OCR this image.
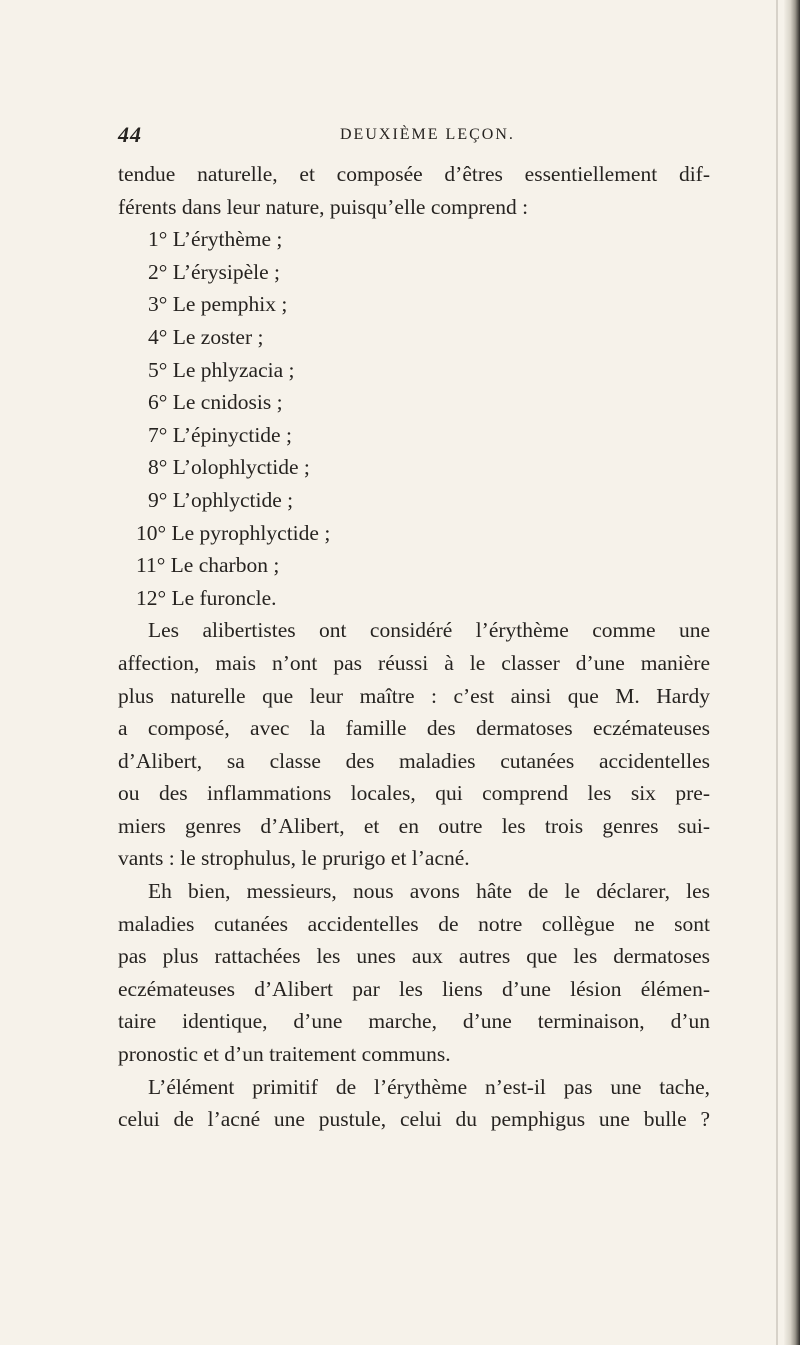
44	DEUXIÈME LEÇON.
tendue naturelle, et composée d’êtres essentiellement dif-
férents dans leur nature, puisqu’elle comprend :
1° L’érythème ;
2° L’érysipèle ;
3° Le pemphix ;
4° Le zoster ;
5° Le phlyzacia ;
6° Le cnidosis ;
7° L’épinyctide ;
8° L’olophlyctide ;
9° L’ophlyctide ;
10° Le pyrophlyctide ;
11° Le charbon ;
12° Le furoncle.
Les alibertistes ont considéré l’érythème comme une
affection, mais n’ont pas réussi à le classer d’une manière
plus naturelle que leur maître : c’est ainsi que M. Hardy
a composé, avec la famille des dermatoses eczémateuses
d’Alibert, sa classe des maladies cutanées accidentelles
ou des inflammations locales, qui comprend les six pre-
miers genres d’Alibert, et en outre les trois genres sui-
vants : le strophulus, le prurigo et l’acné.
Eh bien, messieurs, nous avons hâte de le déclarer, les
maladies cutanées accidentelles de notre collègue ne sont
pas plus rattachées les unes aux autres que les dermatoses
eczémateuses d’Alibert par les liens d’une lésion élémen-
taire identique, d’une marche, d’une terminaison, d’un
pronostic et d’un traitement communs.
L’élément primitif de l’érythème n’est-il pas une tache,
celui de l’acné une pustule, celui du pemphigus une bulle ?
